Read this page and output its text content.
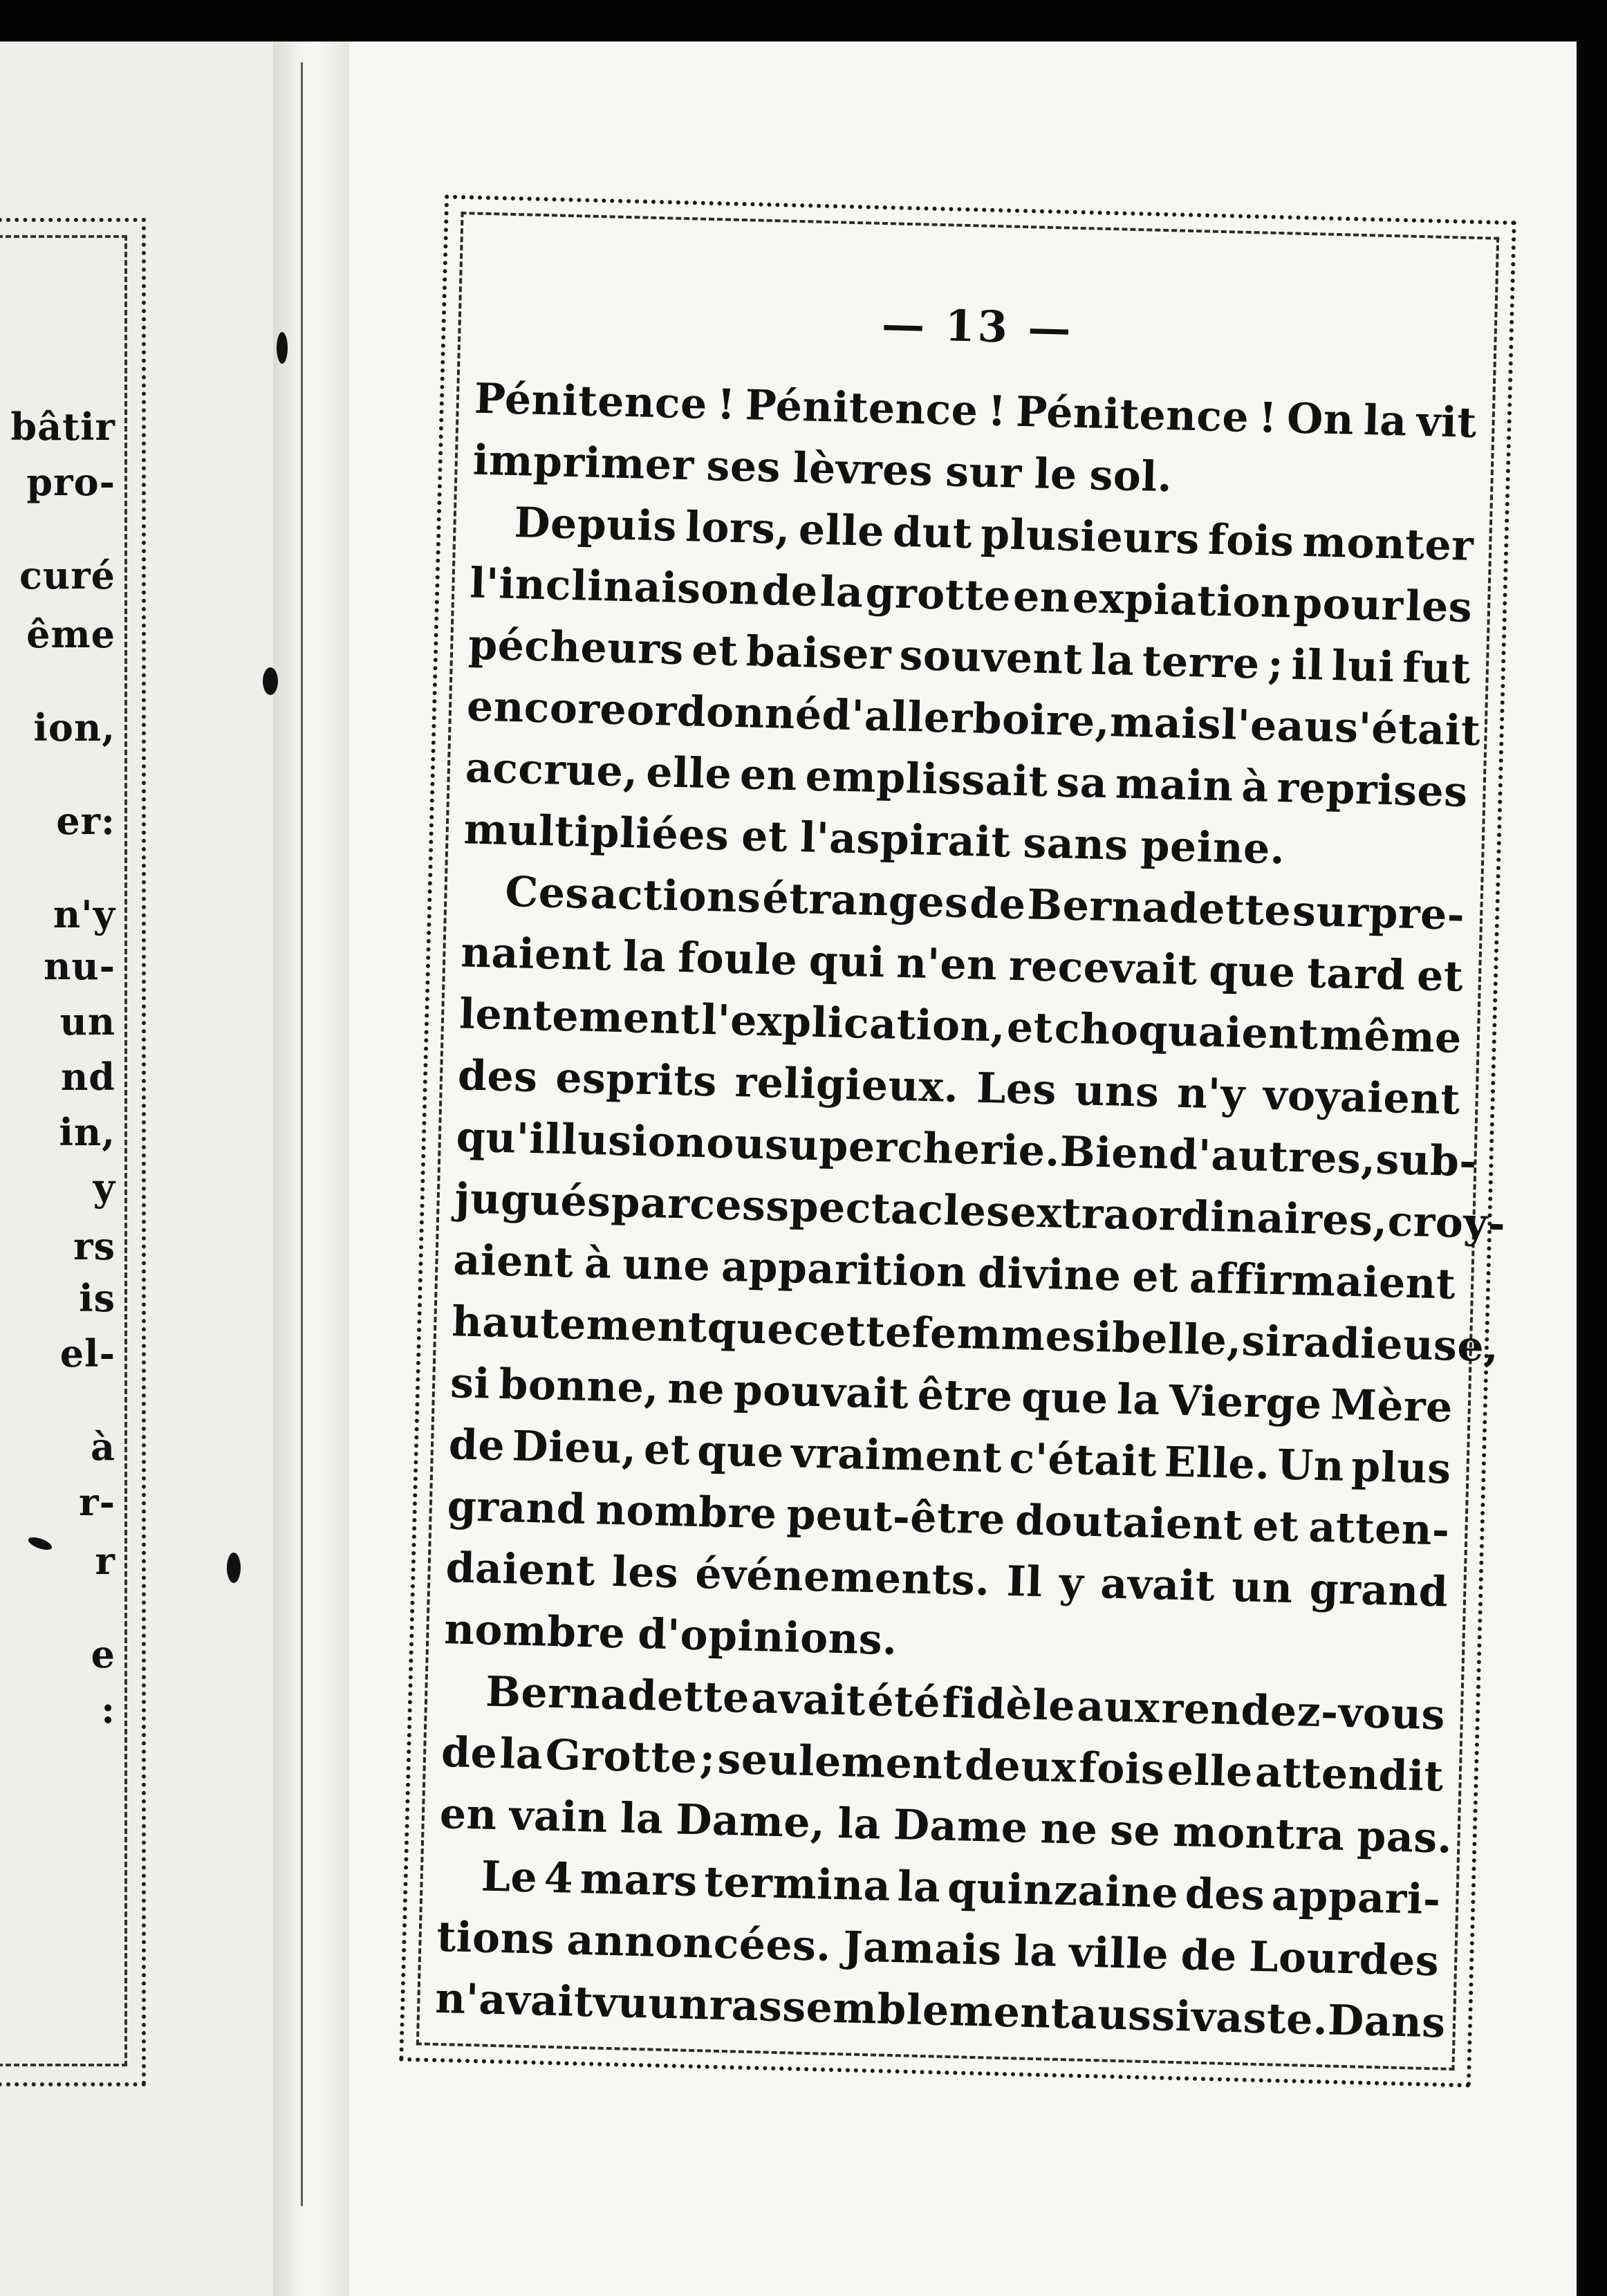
bâtir
pro-
curé
ême
ion,
er:
n'y
nu-
un
nd
in,
y
rs
is
el-
à
r-
r
e
:
— 13 —
Pénitence ! Pénitence ! Pénitence ! On la vit
imprimer ses lèvres sur le sol.
Depuis lors, elle dut plusieurs fois monter
l'inclinaison de la grotte en expiation pour les
pécheurs et baiser souvent la terre ; il lui fut
encore
ordonné
d'aller
boire,
mais
l'eau
s'était
accrue, elle en emplissait sa main à reprises
multipliées et l'aspirait sans peine.
Ces actions étranges de Bernadette surpre-
naient la foule qui n'en recevait que tard et
lentement l'explication, et choquaient même
des esprits religieux. Les uns n'y voyaient
qu'illusion
ou
supercherie.
Bien
d'autres,
sub-
jugués
par
ces
spectacles
extraordinaires,
croy-
aient à une apparition divine et affirmaient
hautement
que
cette
femme
si
belle,
si
radieuse,
si bonne, ne pouvait être que la Vierge Mère
de Dieu, et que vraiment c'était Elle. Un plus
grand nombre peut-être doutaient et atten-
daient les événements. Il y avait un grand
nombre d'opinions.
Bernadette avait été fidèle aux rendez-vous
de la Grotte ; seulement deux fois elle attendit
en vain la Dame, la Dame ne se montra pas.
Le 4 mars termina la quinzaine des appari-
tions annoncées. Jamais la ville de Lourdes
n'avait
vu
un
rassemblement
aussi
vaste.
Dans
